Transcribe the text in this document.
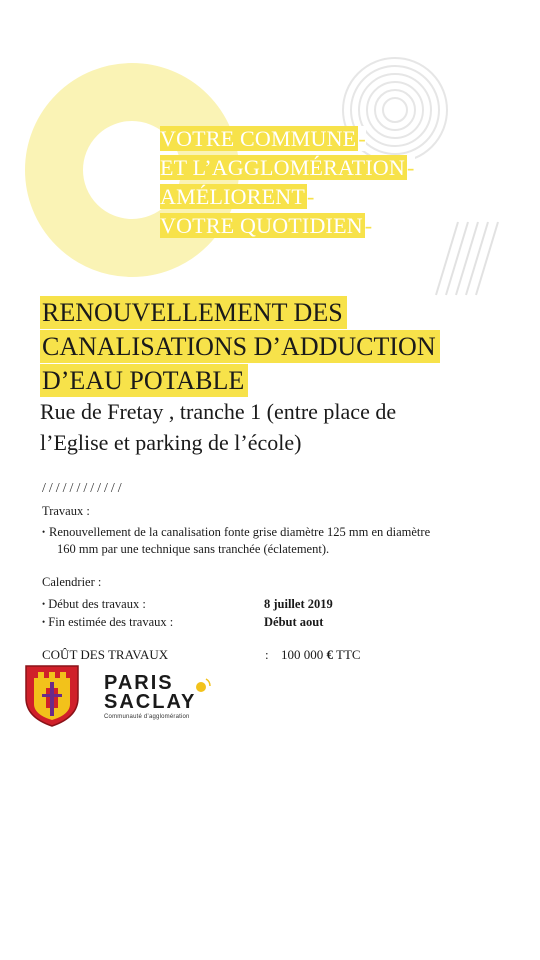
VOTRE COMMUNE-
ET L’AGGLOMÉRATION-
AMÉLIORENT-
VOTRE QUOTIDIEN-
RENOUVELLEMENT DES
CANALISATIONS D’ADDUCTION
D’EAU POTABLE
Rue de Fretay , tranche 1 (entre place de
l’Eglise et parking de l’école)
////////////
Travaux :
• Renouvellement de la canalisation fonte grise diamètre 125 mm en diamètre
160 mm par une technique sans tranchée (éclatement).
Calendrier :
• Début des travaux :	8 juillet 2019
• Fin estimée des travaux :	Début aout
COÛT DES TRAVAUX	: 100 000 € TTC
PARIS
SACLAY
Communauté d’agglomération
